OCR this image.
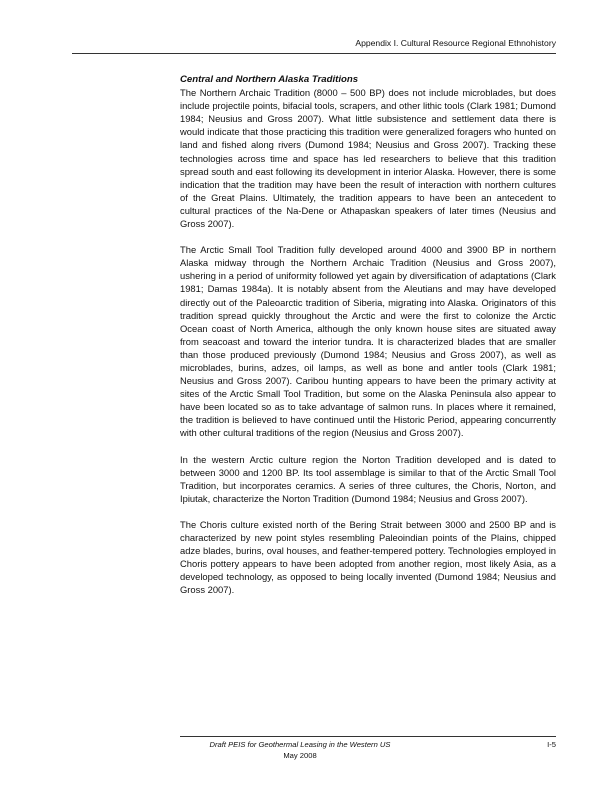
Appendix I. Cultural Resource Regional Ethnohistory
Central and Northern Alaska Traditions

The Northern Archaic Tradition (8000 – 500 BP) does not include microblades, but does include projectile points, bifacial tools, scrapers, and other lithic tools (Clark 1981; Dumond 1984; Neusius and Gross 2007). What little subsistence and settlement data there is would indicate that those practicing this tradition were generalized foragers who hunted on land and fished along rivers (Dumond 1984; Neusius and Gross 2007). Tracking these technologies across time and space has led researchers to believe that this tradition spread south and east following its development in interior Alaska. However, there is some indication that the tradition may have been the result of interaction with northern cultures of the Great Plains. Ultimately, the tradition appears to have been an antecedent to cultural practices of the Na-Dene or Athapaskan speakers of later times (Neusius and Gross 2007).

The Arctic Small Tool Tradition fully developed around 4000 and 3900 BP in northern Alaska midway through the Northern Archaic Tradition (Neusius and Gross 2007), ushering in a period of uniformity followed yet again by diversification of adaptations (Clark 1981; Damas 1984a). It is notably absent from the Aleutians and may have developed directly out of the Paleoarctic tradition of Siberia, migrating into Alaska. Originators of this tradition spread quickly throughout the Arctic and were the first to colonize the Arctic Ocean coast of North America, although the only known house sites are situated away from seacoast and toward the interior tundra. It is characterized blades that are smaller than those produced previously (Dumond 1984; Neusius and Gross 2007), as well as microblades, burins, adzes, oil lamps, as well as bone and antler tools (Clark 1981; Neusius and Gross 2007). Caribou hunting appears to have been the primary activity at sites of the Arctic Small Tool Tradition, but some on the Alaska Peninsula also appear to have been located so as to take advantage of salmon runs. In places where it remained, the tradition is believed to have continued until the Historic Period, appearing concurrently with other cultural traditions of the region (Neusius and Gross 2007).

In the western Arctic culture region the Norton Tradition developed and is dated to between 3000 and 1200 BP. Its tool assemblage is similar to that of the Arctic Small Tool Tradition, but incorporates ceramics. A series of three cultures, the Choris, Norton, and Ipiutak, characterize the Norton Tradition (Dumond 1984; Neusius and Gross 2007).

The Choris culture existed north of the Bering Strait between 3000 and 2500 BP and is characterized by new point styles resembling Paleoindian points of the Plains, chipped adze blades, burins, oval houses, and feather-tempered pottery. Technologies employed in Choris pottery appears to have been adopted from another region, most likely Asia, as a developed technology, as opposed to being locally invented (Dumond 1984; Neusius and Gross 2007).

Draft PEIS for Geothermal Leasing in the Western US
May 2008
I-5
